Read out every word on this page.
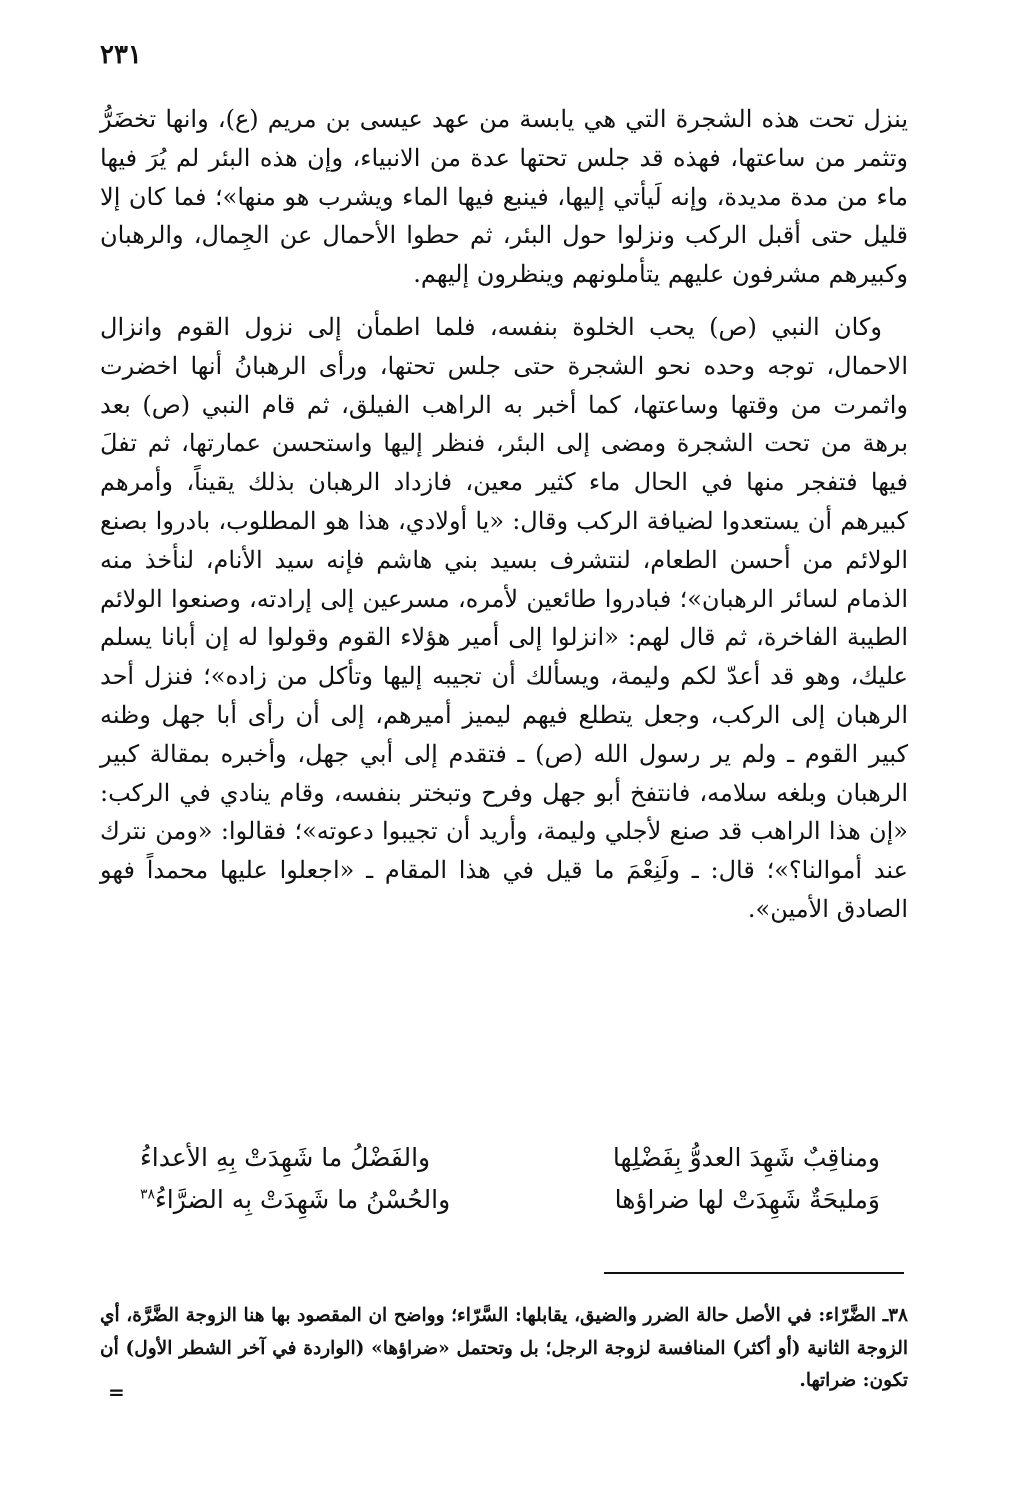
٢٣١

ينزل تحت هذه الشجرة التي هي يابسة من عهد عيسى بن مريم (ع)، وانها تخضَرُّ وتثمر من ساعتها، فهذه قد جلس تحتها عدة من الانبياء، وإن هذه البئر لم يُرَ فيها ماء من مدة مديدة، وإنه لَيأتي إليها، فينبع فيها الماء ويشرب هو منها»؛ فما كان إلا قليل حتى أقبل الركب ونزلوا حول البئر، ثم حطوا الأحمال عن الجِمال، والرهبان وكبيرهم مشرفون عليهم يتأملونهم وينظرون إليهم.

وكان النبي (ص) يحب الخلوة بنفسه، فلما اطمأن إلى نزول القوم وانزال الاحمال، توجه وحده نحو الشجرة حتى جلس تحتها، ورأى الرهبانُ أنها اخضرت واثمرت من وقتها وساعتها، كما أخبر به الراهب الفيلق، ثم قام النبي (ص) بعد برهة من تحت الشجرة ومضى إلى البئر، فنظر إليها واستحسن عمارتها، ثم تفلَ فيها فتفجر منها في الحال ماء كثير معين، فازداد الرهبان بذلك يقيناً، وأمرهم كبيرهم أن يستعدوا لضيافة الركب وقال: «يا أولادي، هذا هو المطلوب، بادروا بصنع الولائم من أحسن الطعام، لنتشرف بسيد بني هاشم فإنه سيد الأنام، لنأخذ منه الذمام لسائر الرهبان»؛ فبادروا طائعين لأمره، مسرعين إلى إرادته، وصنعوا الولائم الطيبة الفاخرة، ثم قال لهم: «انزلوا إلى أمير هؤلاء القوم وقولوا له إن أبانا يسلم عليك، وهو قد أعدّ لكم وليمة، ويسألك أن تجيبه إليها وتأكل من زاده»؛ فنزل أحد الرهبان إلى الركب، وجعل يتطلع فيهم ليميز أميرهم، إلى أن رأى أبا جهل وظنه كبير القوم ـ ولم ير رسول الله (ص) ـ فتقدم إلى أبي جهل، وأخبره بمقالة كبير الرهبان وبلغه سلامه، فانتفخ أبو جهل وفرح وتبختر بنفسه، وقام ينادي في الركب: «إن هذا الراهب قد صنع لأجلي وليمة، وأريد أن تجيبوا دعوته»؛ فقالوا: «ومن نترك عند أموالنا؟»؛ قال: ـ ولَنِعْمَ ما قيل في هذا المقام ـ «اجعلوا عليها محمداً فهو الصادق الأمين».

ومناقِبٌ شَهِدَ العدوُّ بِفَضْلِها
والفَضْلُ ما شَهِدَتْ بِهِ الأعداءُ
وَمليحَةٌ شَهِدَتْ لها ضراؤها
والحُسْنُ ما شَهِدَتْ بِه الضرَّاءُ$^{٣٨}$

٣٨ـ الضَّرّاء: في الأصل حالة الضرر والضيق، يقابلها: السَّرّاء؛ وواضح ان المقصود بها هنا الزوجة الضَّرَّة، أي الزوجة الثانية (أو أكثر) المنافسة لزوجة الرجل؛ بل وتحتمل «ضراؤها» (الواردة في آخر الشطر الأول) أن تكون: ضراتها.

=
